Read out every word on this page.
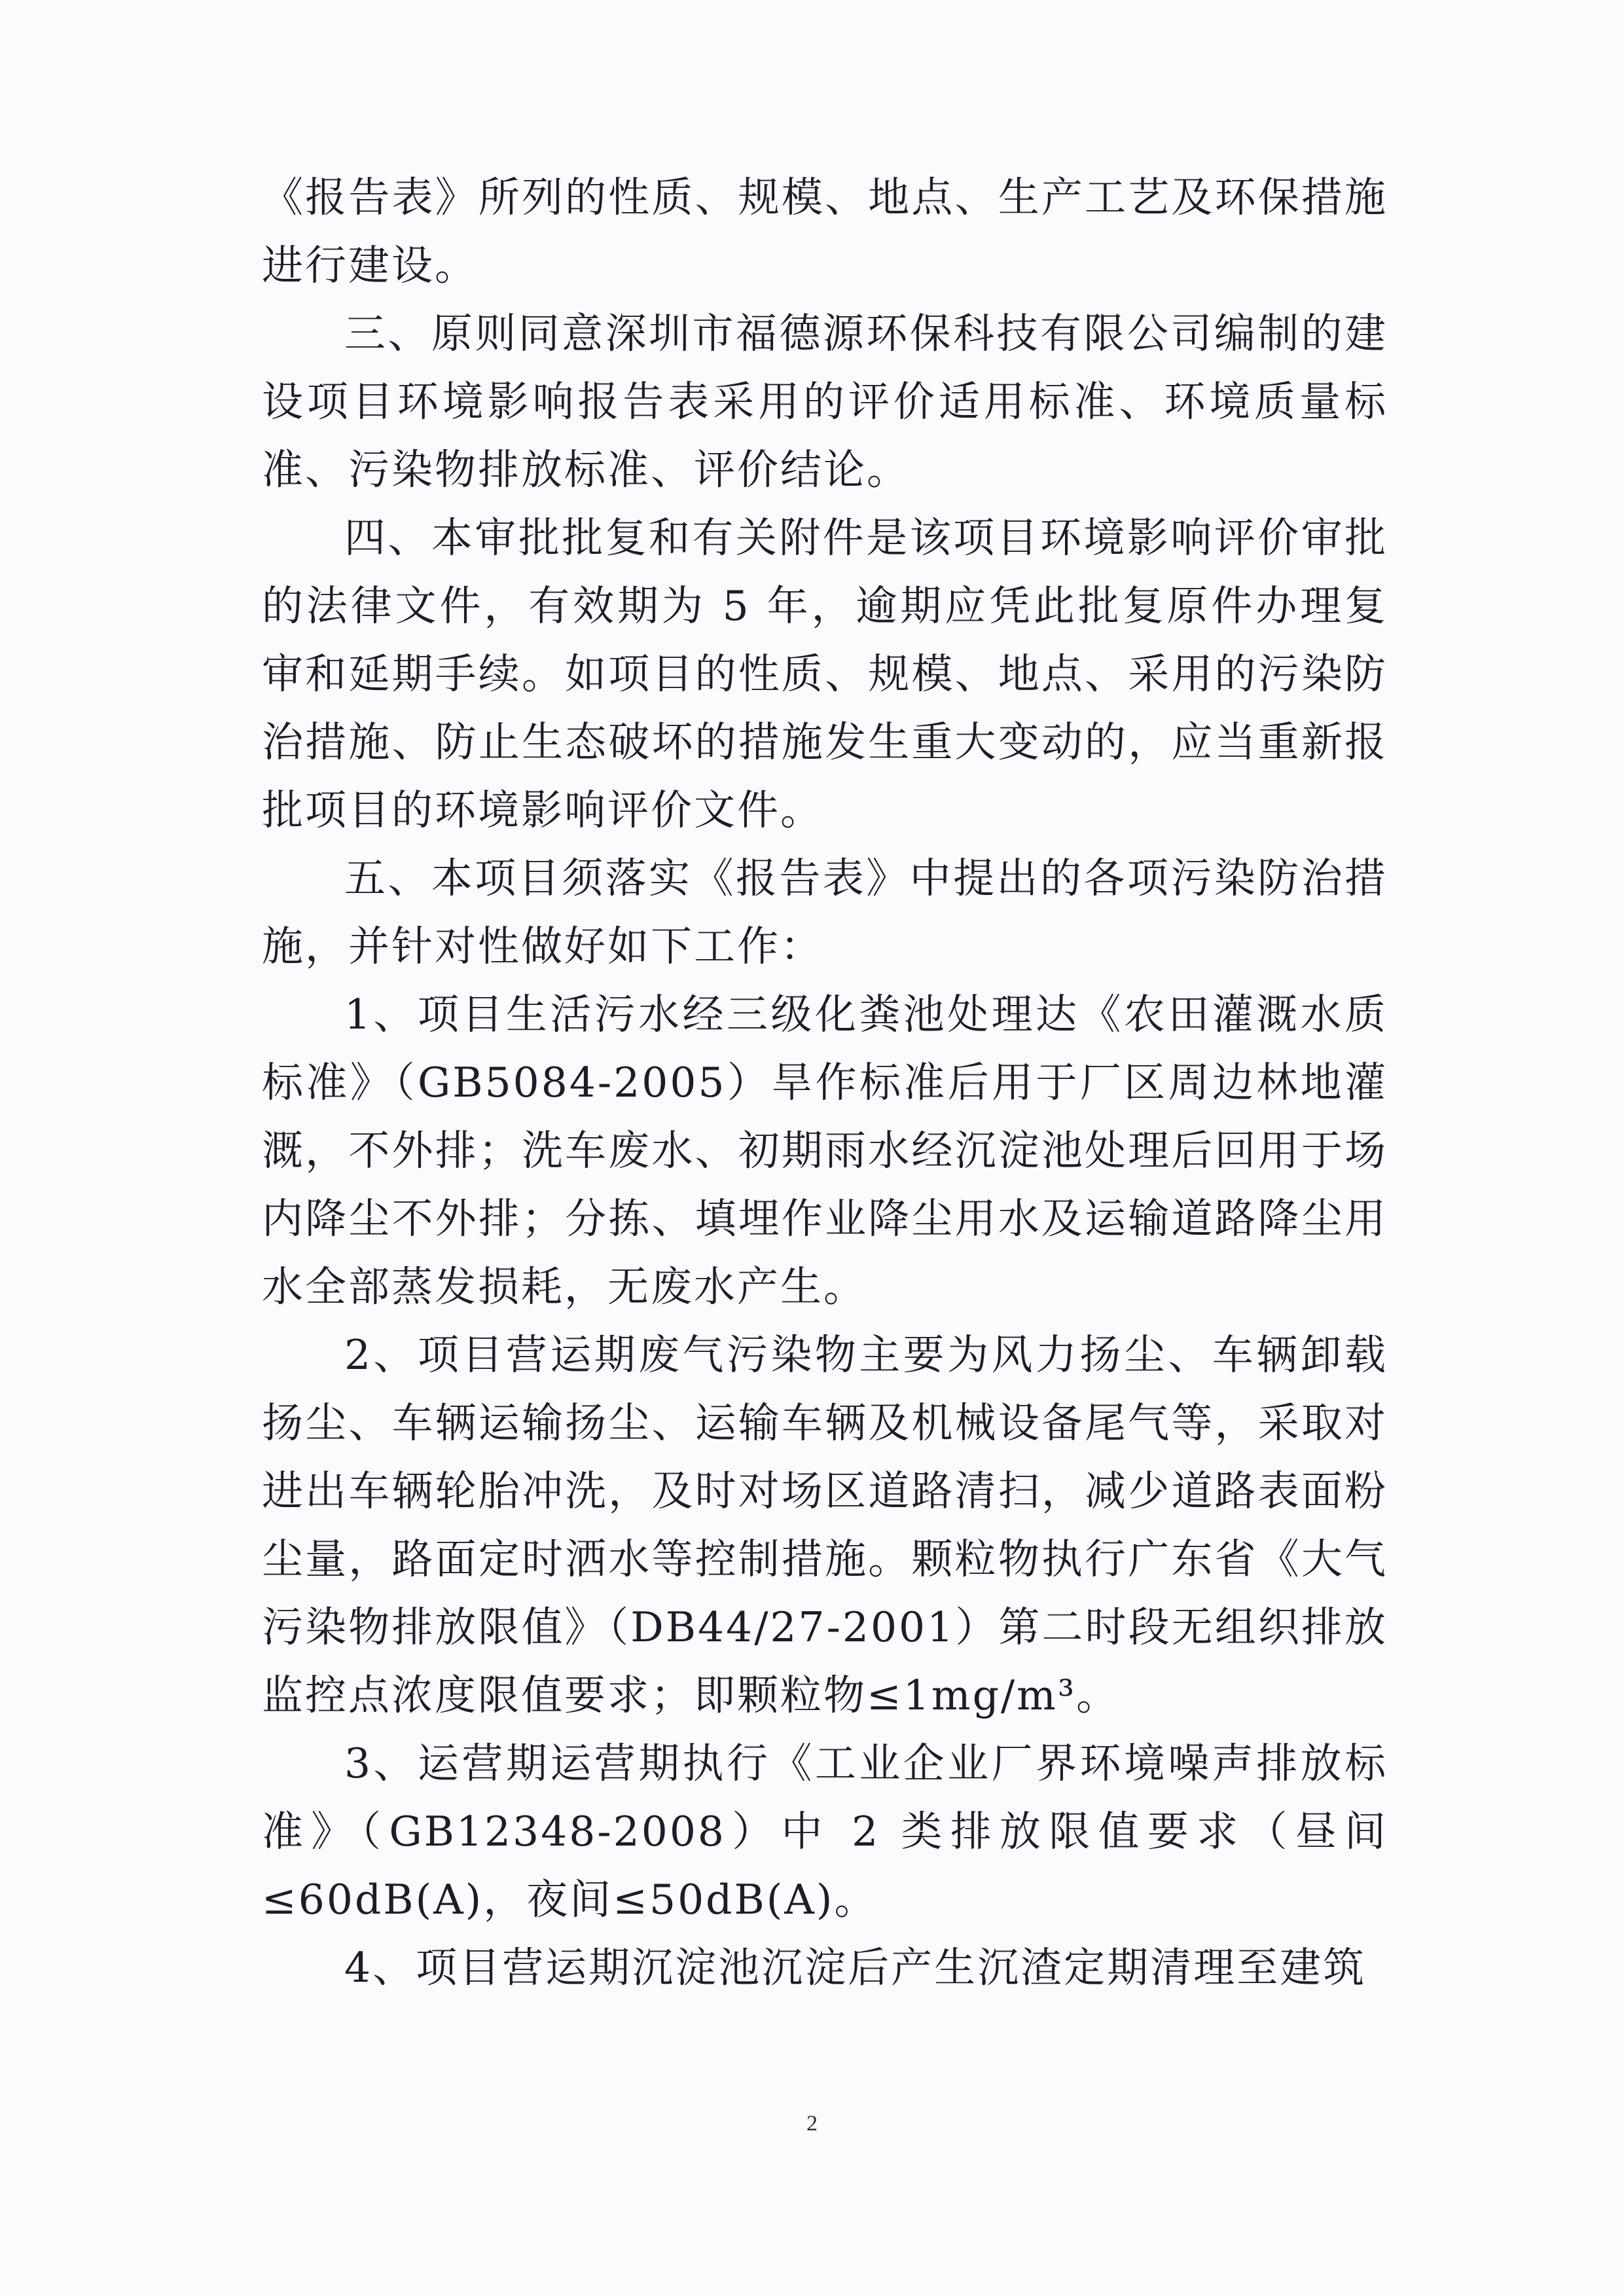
《报告表》所列的性质、规模、地点、生产工艺及环保措施进行建设。

三、原则同意深圳市福德源环保科技有限公司编制的建设项目环境影响报告表采用的评价适用标准、环境质量标准、污染物排放标准、评价结论。

四、本审批批复和有关附件是该项目环境影响评价审批的法律文件，有效期为 5 年，逾期应凭此批复原件办理复审和延期手续。如项目的性质、规模、地点、采用的污染防治措施、防止生态破坏的措施发生重大变动的，应当重新报批项目的环境影响评价文件。

五、本项目须落实《报告表》中提出的各项污染防治措施，并针对性做好如下工作：

1、项目生活污水经三级化粪池处理达《农田灌溉水质标准》（GB5084-2005）旱作标准后用于厂区周边林地灌溉，不外排；洗车废水、初期雨水经沉淀池处理后回用于场内降尘不外排；分拣、填埋作业降尘用水及运输道路降尘用水全部蒸发损耗，无废水产生。

2、项目营运期废气污染物主要为风力扬尘、车辆卸载扬尘、车辆运输扬尘、运输车辆及机械设备尾气等，采取对进出车辆轮胎冲洗，及时对场区道路清扫，减少道路表面粉尘量，路面定时洒水等控制措施。颗粒物执行广东省《大气污染物排放限值》（DB44/27-2001）第二时段无组织排放监控点浓度限值要求；即颗粒物≤1mg/m³。

3、运营期运营期执行《工业企业厂界环境噪声排放标准》（GB12348-2008）中 2 类排放限值要求（昼间≤60dB(A)，夜间≤50dB(A)。

4、项目营运期沉淀池沉淀后产生沉渣定期清理至建筑

2
